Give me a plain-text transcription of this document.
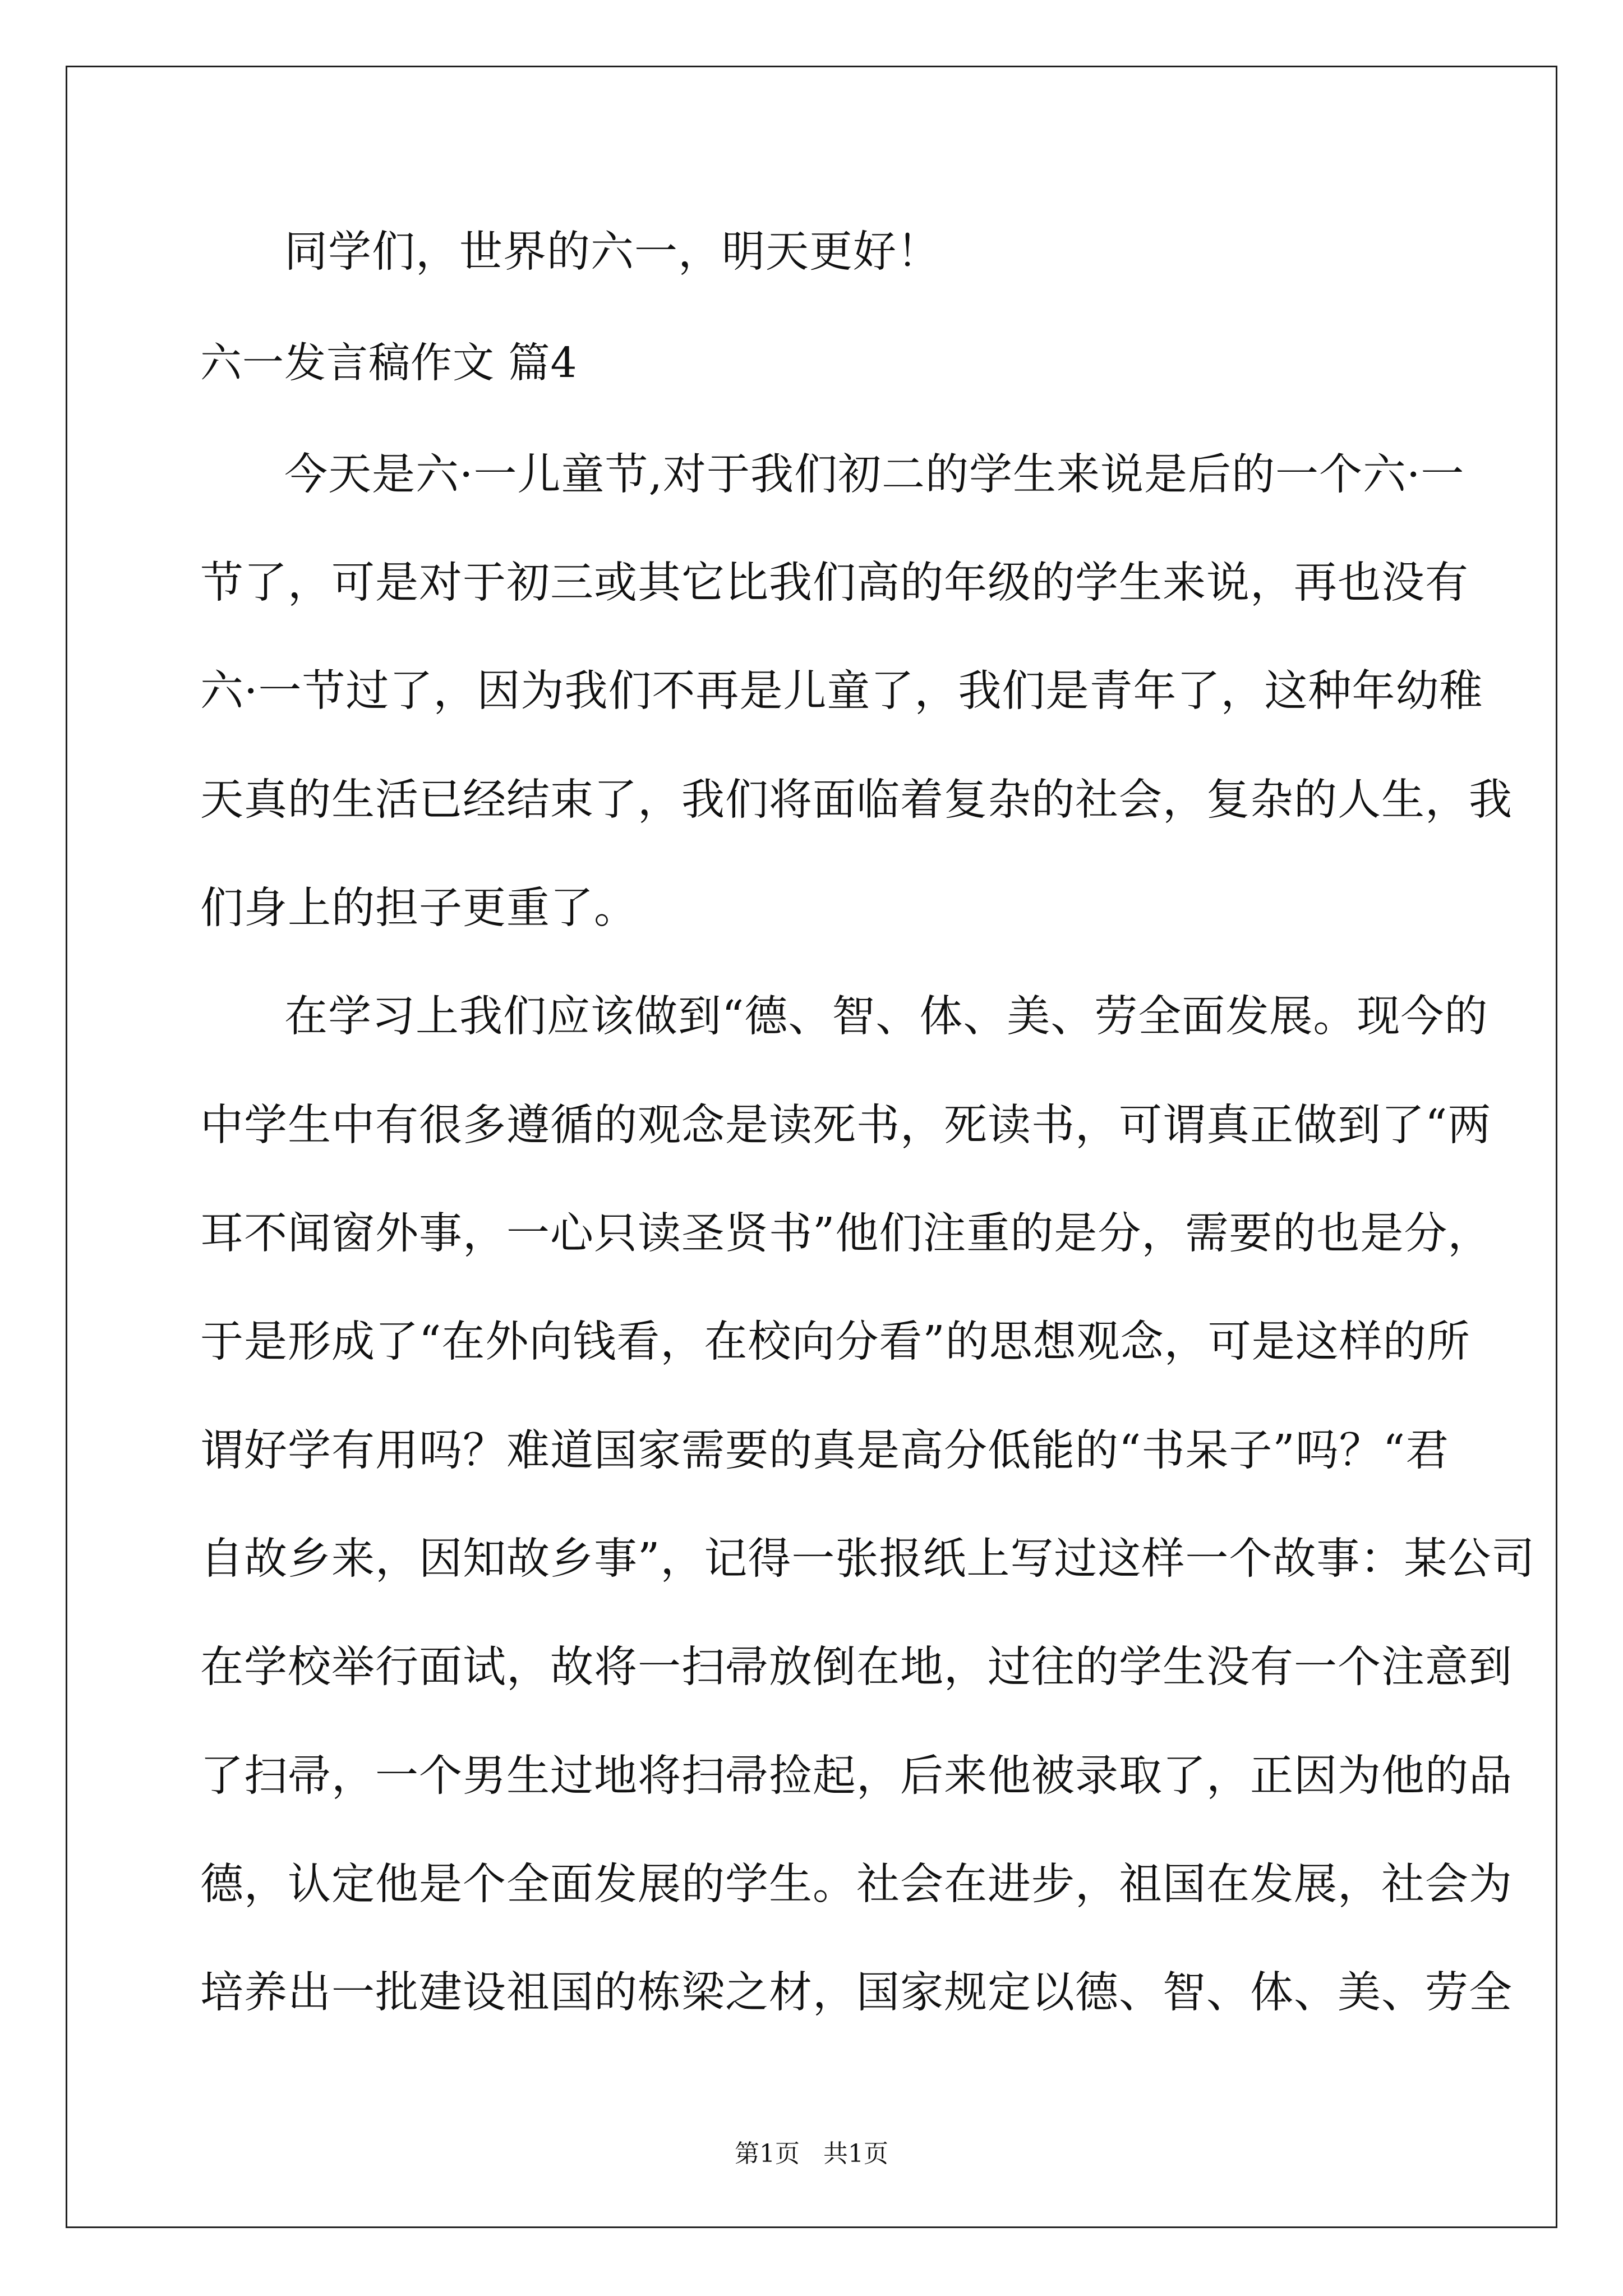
同学们，世界的六一，明天更好！
六一发言稿作文 篇4
今天是六·一儿童节,对于我们初二的学生来说是后的一个六·一
节了，可是对于初三或其它比我们高的年级的学生来说，再也没有
六·一节过了，因为我们不再是儿童了，我们是青年了，这种年幼稚
天真的生活已经结束了，我们将面临着复杂的社会，复杂的人生，我
们身上的担子更重了。
在学习上我们应该做到“德、智、体、美、劳全面发展。现今的
中学生中有很多遵循的观念是读死书，死读书，可谓真正做到了“两
耳不闻窗外事，一心只读圣贤书”他们注重的是分，需要的也是分，
于是形成了“在外向钱看，在校向分看”的思想观念，可是这样的所
谓好学有用吗？难道国家需要的真是高分低能的“书呆子”吗？“君
自故乡来，因知故乡事”，记得一张报纸上写过这样一个故事：某公司
在学校举行面试，故将一扫帚放倒在地，过往的学生没有一个注意到
了扫帚，一个男生过地将扫帚捡起，后来他被录取了，正因为他的品
德，认定他是个全面发展的学生。社会在进步，祖国在发展，社会为
培养出一批建设祖国的栋梁之材，国家规定以德、智、体、美、劳全
第1页   共1页
